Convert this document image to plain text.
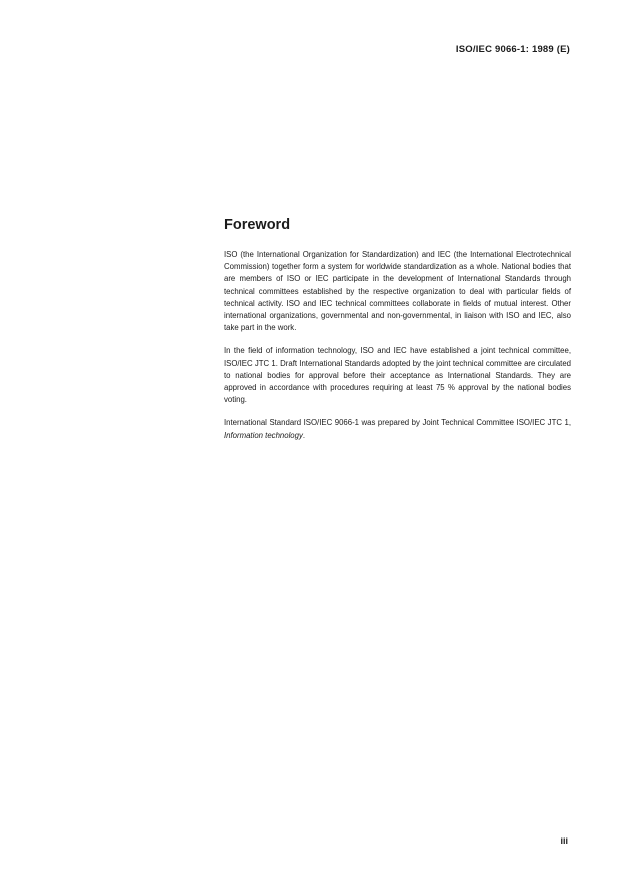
ISO/IEC 9066-1: 1989 (E)
Foreword

ISO (the International Organization for Standardization) and IEC (the International Electrotechnical Commission) together form a system for worldwide standardization as a whole. National bodies that are members of ISO or IEC participate in the development of International Standards through technical committees established by the respective organization to deal with particular fields of technical activity. ISO and IEC technical committees collaborate in fields of mutual interest. Other international organizations, governmental and non-governmental, in liaison with ISO and IEC, also take part in the work.

In the field of information technology, ISO and IEC have established a joint technical committee, ISO/IEC JTC 1. Draft International Standards adopted by the joint technical committee are circulated to national bodies for approval before their acceptance as International Standards. They are approved in accordance with procedures requiring at least 75 % approval by the national bodies voting.

International Standard ISO/IEC 9066-1 was prepared by Joint Technical Committee ISO/IEC JTC 1, Information technology.

iii
